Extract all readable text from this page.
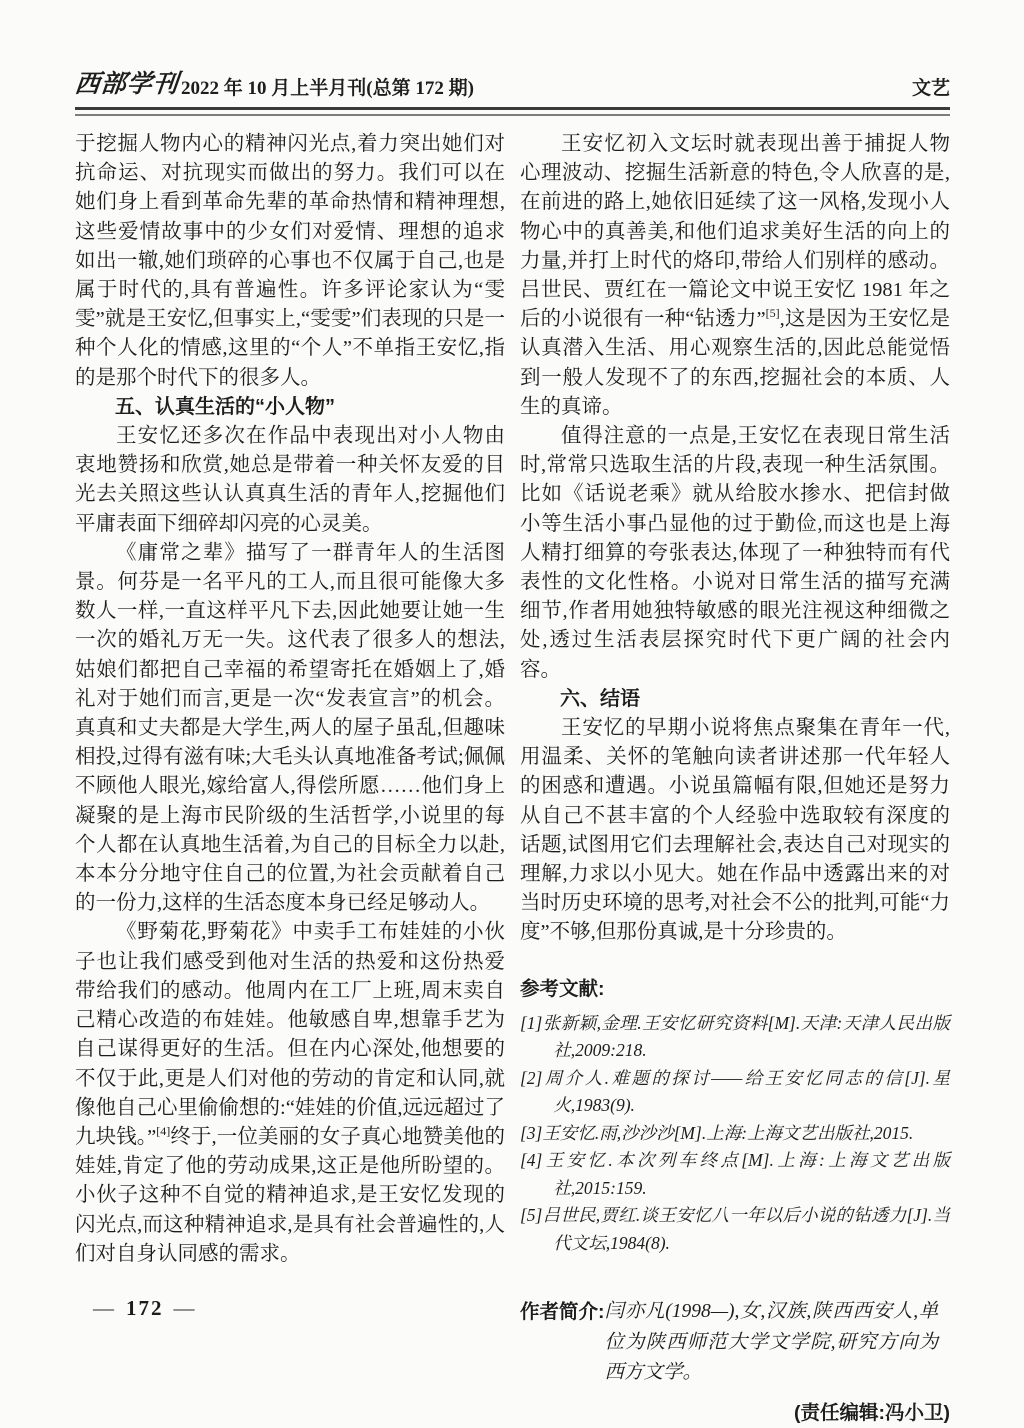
西部学刊 2022 年 10 月上半月刊(总第 172 期)	文艺

于挖掘人物内心的精神闪光点,着力突出她们对抗命运、对抗现实而做出的努力。我们可以在她们身上看到革命先辈的革命热情和精神理想,这些爱情故事中的少女们对爱情、理想的追求如出一辙,她们琐碎的心事也不仅属于自己,也是属于时代的,具有普遍性。许多评论家认为“雯雯”就是王安忆,但事实上,“雯雯”们表现的只是一种个人化的情感,这里的“个人”不单指王安忆,指的是那个时代下的很多人。

五、认真生活的“小人物”

王安忆还多次在作品中表现出对小人物由衷地赞扬和欣赏,她总是带着一种关怀友爱的目光去关照这些认认真真生活的青年人,挖掘他们平庸表面下细碎却闪亮的心灵美。

《庸常之辈》描写了一群青年人的生活图景。何芬是一名平凡的工人,而且很可能像大多数人一样,一直这样平凡下去,因此她要让她一生一次的婚礼万无一失。这代表了很多人的想法,姑娘们都把自己幸福的希望寄托在婚姻上了,婚礼对于她们而言,更是一次“发表宣言”的机会。真真和丈夫都是大学生,两人的屋子虽乱,但趣味相投,过得有滋有味;大毛头认真地准备考试;佩佩不顾他人眼光,嫁给富人,得偿所愿……他们身上凝聚的是上海市民阶级的生活哲学,小说里的每个人都在认真地生活着,为自己的目标全力以赴,本本分分地守住自己的位置,为社会贡献着自己的一份力,这样的生活态度本身已经足够动人。

《野菊花,野菊花》中卖手工布娃娃的小伙子也让我们感受到他对生活的热爱和这份热爱带给我们的感动。他周内在工厂上班,周末卖自己精心改造的布娃娃。他敏感自卑,想靠手艺为自己谋得更好的生活。但在内心深处,他想要的不仅于此,更是人们对他的劳动的肯定和认同,就像他自己心里偷偷想的:“娃娃的价值,远远超过了九块钱。”[4]终于,一位美丽的女子真心地赞美他的娃娃,肯定了他的劳动成果,这正是他所盼望的。小伙子这种不自觉的精神追求,是王安忆发现的闪光点,而这种精神追求,是具有社会普遍性的,人们对自身认同感的需求。

王安忆初入文坛时就表现出善于捕捉人物心理波动、挖掘生活新意的特色,令人欣喜的是,在前进的路上,她依旧延续了这一风格,发现小人物心中的真善美,和他们追求美好生活的向上的力量,并打上时代的烙印,带给人们别样的感动。吕世民、贾红在一篇论文中说王安忆 1981 年之后的小说很有一种“钻透力”[5],这是因为王安忆是认真潜入生活、用心观察生活的,因此总能觉悟到一般人发现不了的东西,挖掘社会的本质、人生的真谛。

值得注意的一点是,王安忆在表现日常生活时,常常只选取生活的片段,表现一种生活氛围。比如《话说老乘》就从给胶水掺水、把信封做小等生活小事凸显他的过于勤俭,而这也是上海人精打细算的夸张表达,体现了一种独特而有代表性的文化性格。小说对日常生活的描写充满细节,作者用她独特敏感的眼光注视这种细微之处,透过生活表层探究时代下更广阔的社会内容。

六、结语

王安忆的早期小说将焦点聚集在青年一代,用温柔、关怀的笔触向读者讲述那一代年轻人的困惑和遭遇。小说虽篇幅有限,但她还是努力从自己不甚丰富的个人经验中选取较有深度的话题,试图用它们去理解社会,表达自己对现实的理解,力求以小见大。她在作品中透露出来的对当时历史环境的思考,对社会不公的批判,可能“力度”不够,但那份真诚,是十分珍贵的。

参考文献:
[1]张新颖,金理.王安忆研究资料[M].天津:天津人民出版社,2009:218.
[2]周介人.难题的探讨——给王安忆同志的信[J].星火,1983(9).
[3]王安忆.雨,沙沙沙[M].上海:上海文艺出版社,2015.
[4]王安忆.本次列车终点[M].上海:上海文艺出版社,2015:159.
[5]吕世民,贾红.谈王安忆八一年以后小说的钻透力[J].当代文坛,1984(8).
作者简介: 闫亦凡(1998—),女,汉族,陕西西安人,单位为陕西师范大学文学院,研究方向为西方文学。
(责任编辑:冯小卫)
— 172 —
